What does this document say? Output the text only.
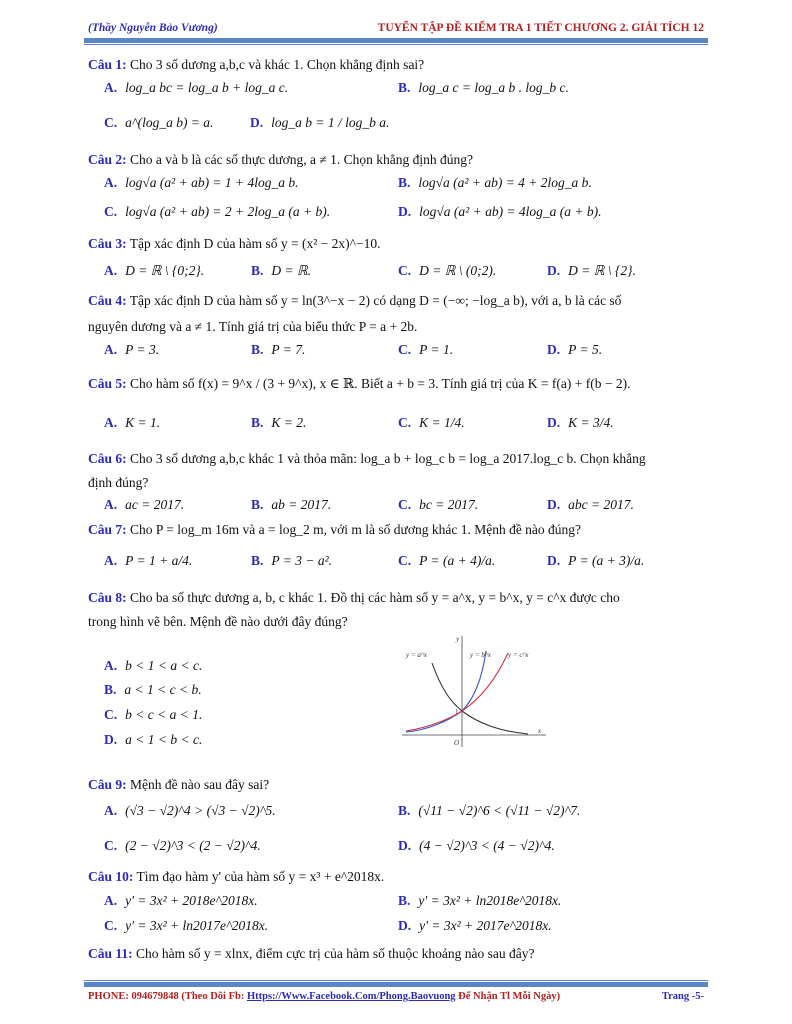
(Thầy Nguyễn Bảo Vương)	TUYỂN TẬP ĐỀ KIỂM TRA 1 TIẾT CHƯƠNG 2. GIẢI TÍCH 12
Câu 1: Cho 3 số dương a,b,c và khác 1. Chọn khẳng định sai?
A. log_a bc = log_a b + log_a c.	B. log_a c = log_a b . log_b c.
C. a^(log_a b) = a.	D. log_a b = 1 / log_b a.
Câu 2: Cho a và b là các số thực dương, a ≠ 1. Chọn khẳng định đúng?
A. log√a (a² + ab) = 1 + 4log_a b.	B. log√a (a² + ab) = 4 + 2log_a b.
C. log√a (a² + ab) = 2 + 2log_a (a + b).	D. log√a (a² + ab) = 4log_a (a + b).
Câu 3: Tập xác định D của hàm số y = (x² − 2x)^−10.
A. D = ℝ \ {0;2}.	B. D = ℝ.	C. D = ℝ \ (0;2).	D. D = ℝ \ {2}.
Câu 4: Tập xác định D của hàm số y = ln(3^−x − 2) có dạng D = (−∞; −log_a b), với a, b là các số
nguyên dương và a ≠ 1. Tính giá trị của biểu thức P = a + 2b.
A. P = 3.	B. P = 7.	C. P = 1.	D. P = 5.
Câu 5: Cho hàm số f(x) = 9^x / (3 + 9^x), x ∈ ℝ. Biết a + b = 3. Tính giá trị của K = f(a) + f(b − 2).
A. K = 1.	B. K = 2.	C. K = 1/4.	D. K = 3/4.
Câu 6: Cho 3 số dương a,b,c khác 1 và thỏa mãn: log_a b + log_c b = log_a 2017.log_c b. Chọn khẳng
định đúng?
A. ac = 2017.	B. ab = 2017.	C. bc = 2017.	D. abc = 2017.
Câu 7: Cho P = log_m 16m và a = log_2 m, với m là số dương khác 1. Mệnh đề nào đúng?
A. P = 1 + a/4.	B. P = 3 − a².	C. P = (a + 4)/a.	D. P = (a + 3)/a.
Câu 8: Cho ba số thực dương a, b, c khác 1. Đồ thị các hàm số y = a^x, y = b^x, y = c^x được cho
trong hình vẽ bên. Mệnh đề nào dưới đây đúng?
A. b < 1 < a < c.
B. a < 1 < c < b.
C. b < c < a < 1.
D. a < 1 < b < c.
y = a^x	y = b^x y = c^x
y
x
O
1
Câu 9: Mệnh đề nào sau đây sai?
A. (√3 − √2)^4 > (√3 − √2)^5.	B. (√11 − √2)^6 < (√11 − √2)^7.
C. (2 − √2)^3 < (2 − √2)^4.	D. (4 − √2)^3 < (4 − √2)^4.
Câu 10: Tìm đạo hàm y' của hàm số y = x³ + e^2018x.
A. y' = 3x² + 2018e^2018x.	B. y' = 3x² + ln2018e^2018x.
C. y' = 3x² + ln2017e^2018x.	D. y' = 3x² + 2017e^2018x.
Câu 11: Cho hàm số y = xlnx, điểm cực trị của hàm số thuộc khoảng nào sau đây?
PHONE: 094679848 (Theo Dõi Fb: Https://Www.Facebook.Com/Phong.Baovuong Để Nhận Tl Mỗi Ngày)	Trang -5-
